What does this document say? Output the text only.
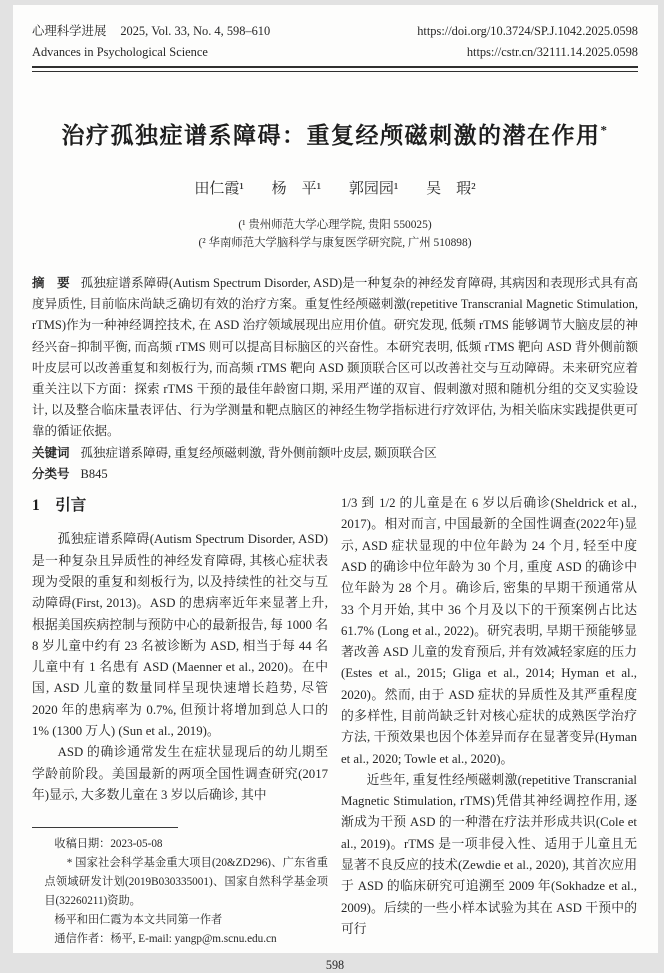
心理科学进展 2025, Vol. 33, No. 4, 598–610
Advances in Psychological Science
https://doi.org/10.3724/SP.J.1042.2025.0598
https://cstr.cn/32111.14.2025.0598
治疗孤独症谱系障碍：重复经颅磁刺激的潜在作用*
田仁霞¹ 杨　平¹ 郭园园¹ 吴　瑕²
(¹ 贵州师范大学心理学院, 贵阳 550025)
(² 华南师范大学脑科学与康复医学研究院, 广州 510898)

摘　要 孤独症谱系障碍(Autism Spectrum Disorder, ASD)是一种复杂的神经发育障碍, 其病因和表现形式具有高度异质性, 目前临床尚缺乏确切有效的治疗方案。重复性经颅磁刺激(repetitive Transcranial Magnetic Stimulation, rTMS)作为一种神经调控技术, 在 ASD 治疗领域展现出应用价值。研究发现, 低频 rTMS 能够调节大脑皮层的神经兴奋−抑制平衡, 而高频 rTMS 则可以提高目标脑区的兴奋性。本研究表明, 低频 rTMS 靶向 ASD 背外侧前额叶皮层可以改善重复和刻板行为, 而高频 rTMS 靶向 ASD 颞顶联合区可以改善社交与互动障碍。未来研究应着重关注以下方面：探索 rTMS 干预的最佳年龄窗口期, 采用严谨的双盲、假刺激对照和随机分组的交叉实验设计, 以及整合临床量表评估、行为学测量和靶点脑区的神经生物学指标进行疗效评估, 为相关临床实践提供更可靠的循证依据。

关键词 孤独症谱系障碍, 重复经颅磁刺激, 背外侧前额叶皮层, 颞顶联合区

分类号 B845

1　引言

孤独症谱系障碍(Autism Spectrum Disorder, ASD)是一种复杂且异质性的神经发育障碍, 其核心症状表现为受限的重复和刻板行为, 以及持续性的社交与互动障碍(First, 2013)。ASD 的患病率近年来显著上升, 根据美国疾病控制与预防中心的最新报告, 每 1000 名 8 岁儿童中约有 23 名被诊断为 ASD, 相当于每 44 名儿童中有 1 名患有 ASD (Maenner et al., 2020)。在中国, ASD 儿童的数量同样呈现快速增长趋势, 尽管 2020 年的患病率为 0.7%, 但预计将增加到总人口的 1% (1300 万人) (Sun et al., 2019)。

ASD 的确诊通常发生在症状显现后的幼儿期至学龄前阶段。美国最新的两项全国性调查研究(2017年)显示, 大多数儿童在 3 岁以后确诊, 其中

收稿日期：2023-05-08

* 国家社会科学基金重大项目(20&ZD296)、广东省重点领域研发计划(2019B030335001)、国家自然科学基金项目(32260211)资助。

杨平和田仁霞为本文共同第一作者

通信作者：杨平, E-mail: yangp@m.scnu.edu.cn

1/3 到 1/2 的儿童是在 6 岁以后确诊(Sheldrick et al., 2017)。相对而言, 中国最新的全国性调查(2022年)显示, ASD 症状显现的中位年龄为 24 个月, 轻至中度 ASD 的确诊中位年龄为 30 个月, 重度 ASD 的确诊中位年龄为 28 个月。确诊后, 密集的早期干预通常从 33 个月开始, 其中 36 个月及以下的干预案例占比达 61.7% (Long et al., 2022)。研究表明, 早期干预能够显著改善 ASD 儿童的发育预后, 并有效减轻家庭的压力(Estes et al., 2015; Gliga et al., 2014; Hyman et al., 2020)。然而, 由于 ASD 症状的异质性及其严重程度的多样性, 目前尚缺乏针对核心症状的成熟医学治疗方法, 干预效果也因个体差异而存在显著变异(Hyman et al., 2020; Towle et al., 2020)。

近些年, 重复性经颅磁刺激(repetitive Transcranial Magnetic Stimulation, rTMS)凭借其神经调控作用, 逐渐成为干预 ASD 的一种潜在疗法并形成共识(Cole et al., 2019)。rTMS 是一项非侵入性、适用于儿童且无显著不良反应的技术(Zewdie et al., 2020), 其首次应用于 ASD 的临床研究可追溯至 2009 年(Sokhadze et al., 2009)。后续的一些小样本试验为其在 ASD 干预中的可行

598
